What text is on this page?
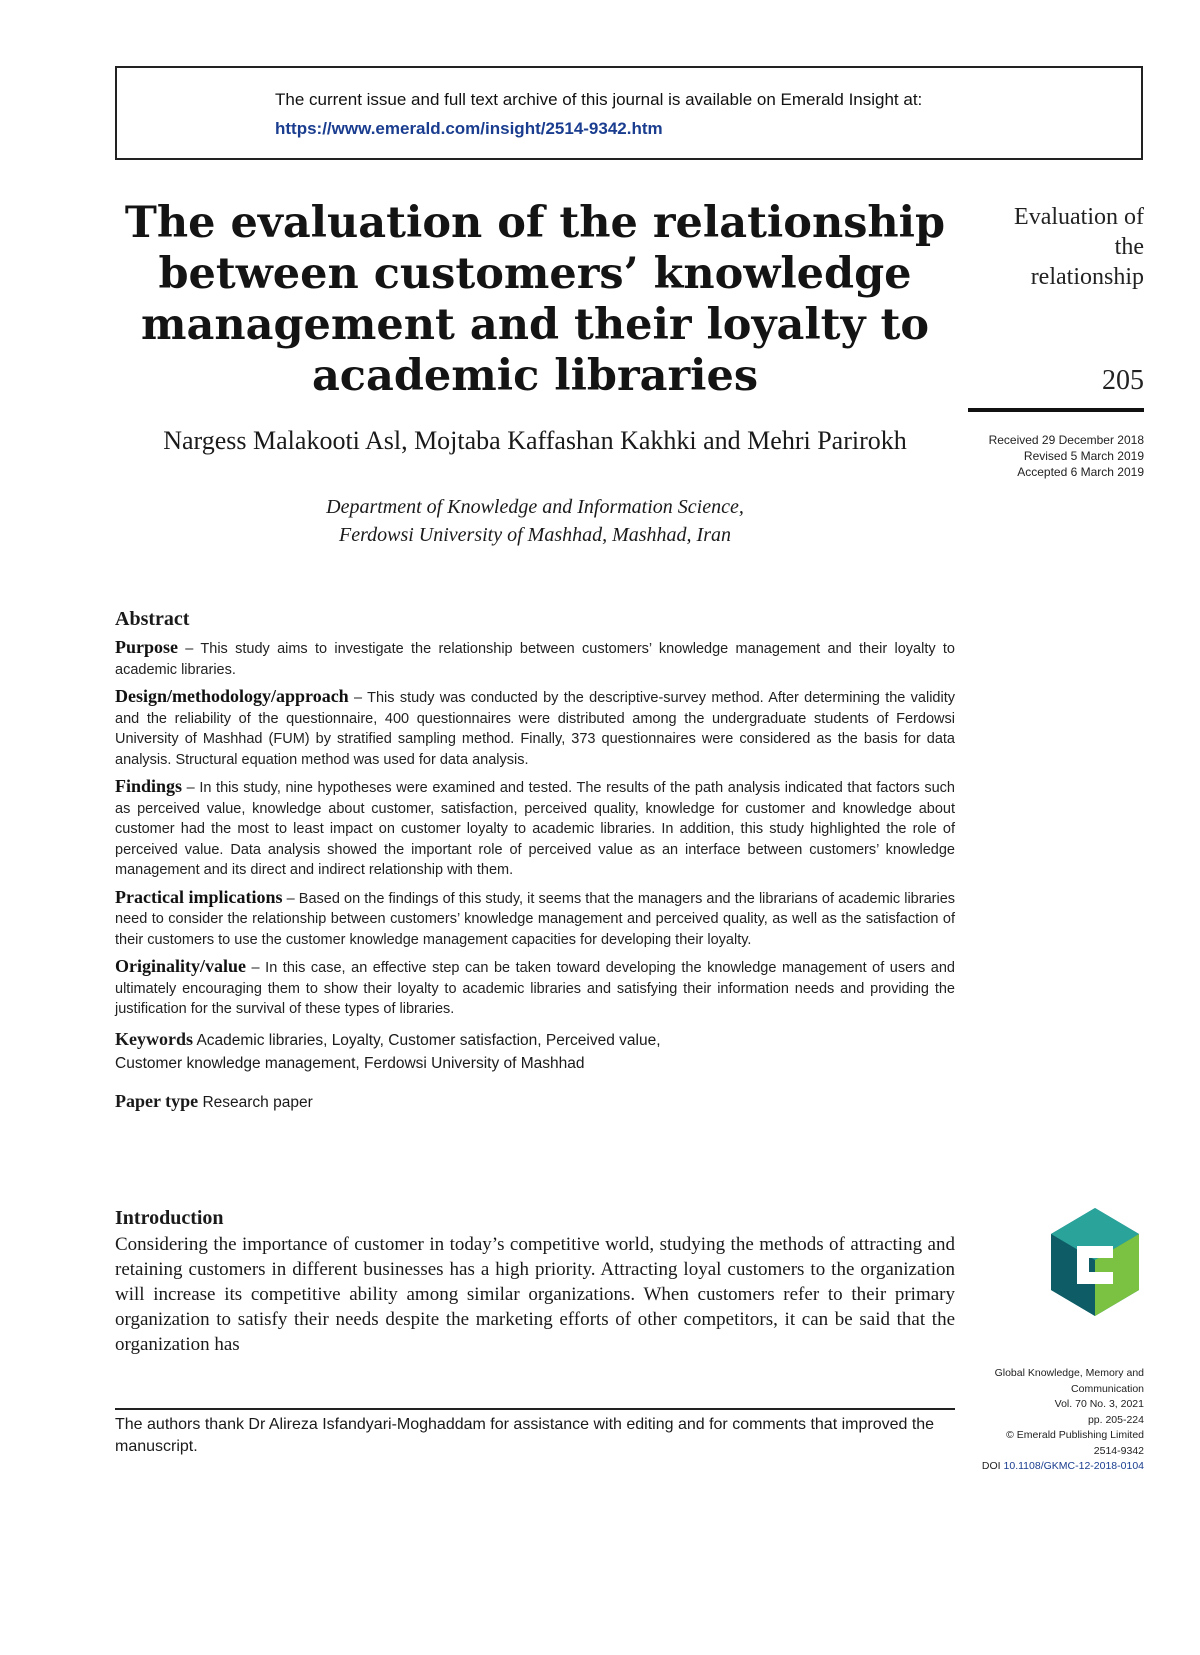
The current issue and full text archive of this journal is available on Emerald Insight at:
https://www.emerald.com/insight/2514-9342.htm
The evaluation of the relationship between customers’ knowledge management and their loyalty to academic libraries
Nargess Malakooti Asl, Mojtaba Kaffashan Kakhki and Mehri Parirokh
Department of Knowledge and Information Science,
Ferdowsi University of Mashhad, Mashhad, Iran
Evaluation of
the
relationship
205
Received 29 December 2018
Revised 5 March 2019
Accepted 6 March 2019
Abstract

Purpose – This study aims to investigate the relationship between customers’ knowledge management and their loyalty to academic libraries.

Design/methodology/approach – This study was conducted by the descriptive-survey method. After determining the validity and the reliability of the questionnaire, 400 questionnaires were distributed among the undergraduate students of Ferdowsi University of Mashhad (FUM) by stratified sampling method. Finally, 373 questionnaires were considered as the basis for data analysis. Structural equation method was used for data analysis.

Findings – In this study, nine hypotheses were examined and tested. The results of the path analysis indicated that factors such as perceived value, knowledge about customer, satisfaction, perceived quality, knowledge for customer and knowledge about customer had the most to least impact on customer loyalty to academic libraries. In addition, this study highlighted the role of perceived value. Data analysis showed the important role of perceived value as an interface between customers’ knowledge management and its direct and indirect relationship with them.

Practical implications – Based on the findings of this study, it seems that the managers and the librarians of academic libraries need to consider the relationship between customers’ knowledge management and perceived quality, as well as the satisfaction of their customers to use the customer knowledge management capacities for developing their loyalty.

Originality/value – In this case, an effective step can be taken toward developing the knowledge management of users and ultimately encouraging them to show their loyalty to academic libraries and satisfying their information needs and providing the justification for the survival of these types of libraries.

Keywords Academic libraries, Loyalty, Customer satisfaction, Perceived value,
Customer knowledge management, Ferdowsi University of Mashhad
Paper type Research paper
Introduction

Considering the importance of customer in today’s competitive world, studying the methods of attracting and retaining customers in different businesses has a high priority. Attracting loyal customers to the organization will increase its competitive ability among similar organizations. When customers refer to their primary organization to satisfy their needs despite the marketing efforts of other competitors, it can be said that the organization has

The authors thank Dr Alireza Isfandyari-Moghaddam for assistance with editing and for comments that improved the manuscript.
Global Knowledge, Memory and
Communication
Vol. 70 No. 3, 2021
pp. 205-224
© Emerald Publishing Limited
2514-9342
DOI 10.1108/GKMC-12-2018-0104
